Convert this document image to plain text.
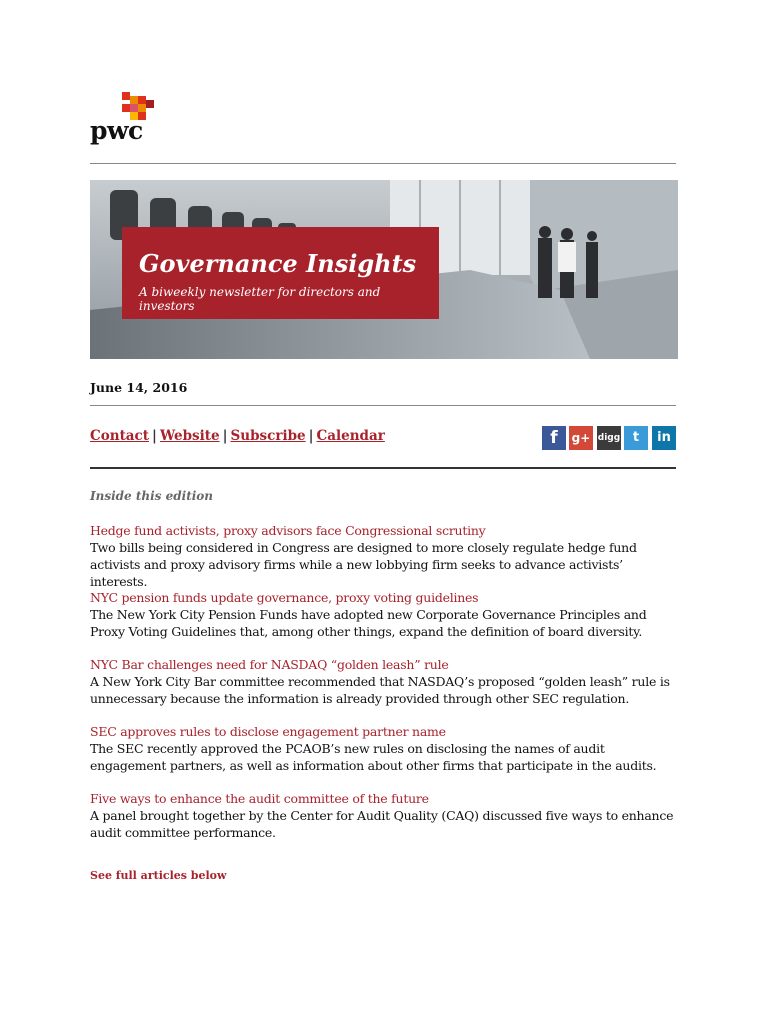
pwc
Governance Insights
A biweekly newsletter for directors and investors
June 14, 2016
Contact | Website | Subscribe | Calendar	f	g+ digg t	in
Inside this edition
Hedge fund activists, proxy advisors face Congressional scrutiny
Two bills being considered in Congress are designed to more closely regulate hedge fund activists and proxy advisory firms while a new lobbying firm seeks to advance activists’ interests.
NYC pension funds update governance, proxy voting guidelines
The New York City Pension Funds have adopted new Corporate Governance Principles and Proxy Voting Guidelines that, among other things, expand the definition of board diversity.
NYC Bar challenges need for NASDAQ “golden leash” rule
A New York City Bar committee recommended that NASDAQ’s proposed “golden leash” rule is unnecessary because the information is already provided through other SEC regulation.
SEC approves rules to disclose engagement partner name
The SEC recently approved the PCAOB’s new rules on disclosing the names of audit engagement partners, as well as information about other firms that participate in the audits.
Five ways to enhance the audit committee of the future
A panel brought together by the Center for Audit Quality (CAQ) discussed five ways to enhance audit committee performance.
See full articles below
